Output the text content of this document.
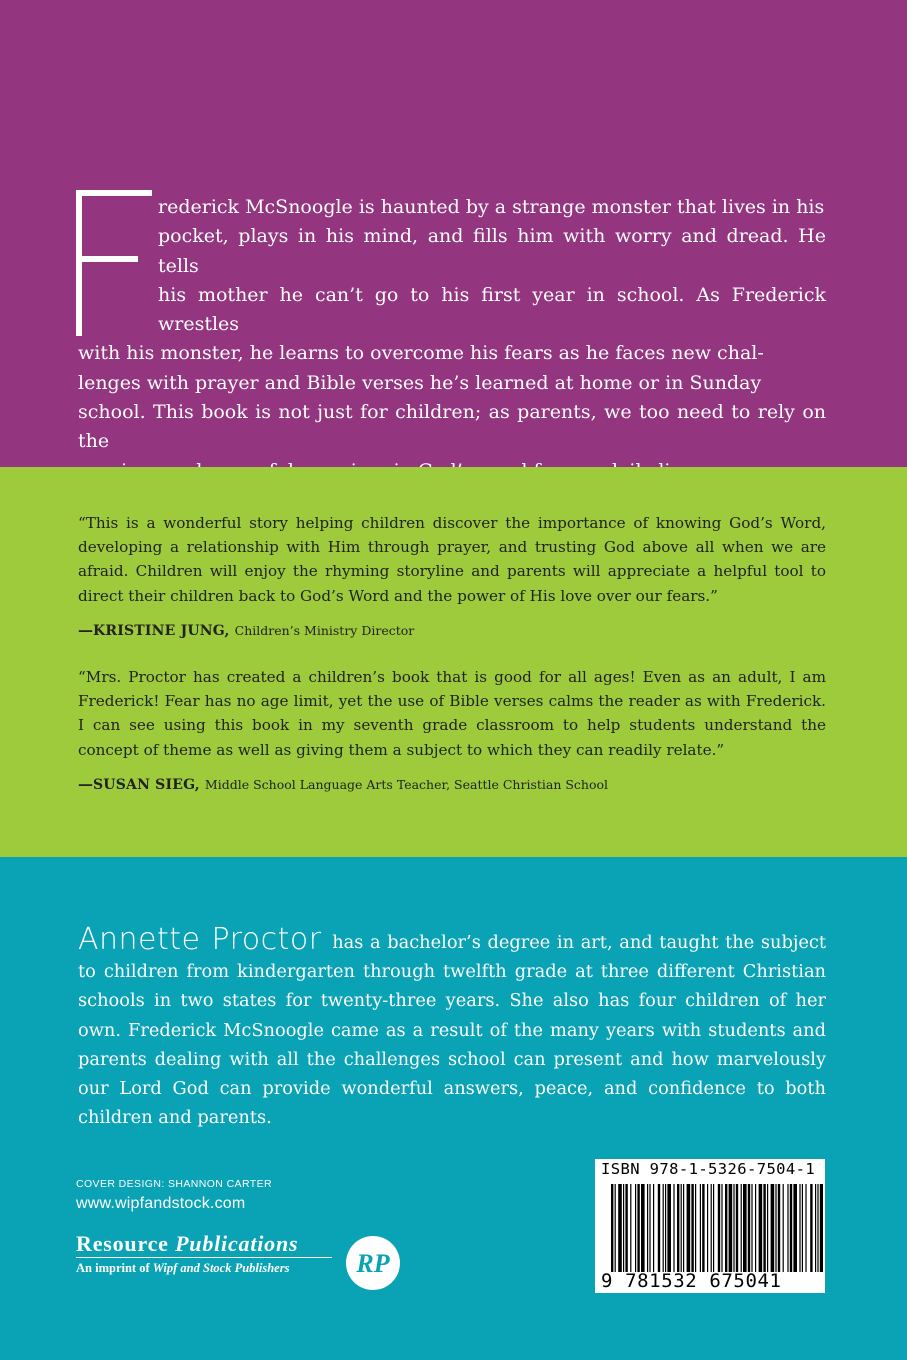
rederick McSnoogle is haunted by a strange monster that lives in his
pocket, plays in his mind, and fills him with worry and dread. He tells
his mother he can’t go to his first year in school. As Frederick wrestles
with his monster, he learns to overcome his fears as he faces new chal-
lenges with prayer and Bible verses he’s learned at home or in Sunday
school. This book is not just for children; as parents, we too need to rely on the

“This is a wonderful story helping children discover the importance of knowing God’s Word, developing a relationship with Him through prayer, and trusting God above all when we are afraid. Children will enjoy the rhyming storyline and parents will appreciate a helpful tool to direct their children back to God’s Word and the power of His love over our fears.”
—KRISTINE JUNG, Children’s Ministry Director
“Mrs. Proctor has created a children’s book that is good for all ages! Even as an adult, I am Frederick! Fear has no age limit, yet the use of Bible verses calms the reader as with Frederick. I can see using this book in my seventh grade classroom to help students understand the concept of theme as well as giving them a subject to which they can readily relate.”
—SUSAN SIEG, Middle School Language Arts Teacher, Seattle Christian School
Annette Proctor has a bachelor’s degree in art, and taught the subject to children from kindergarten through twelfth grade at three different Christian schools in two states for twenty-three years. She also has four children of her own. Frederick McSnoogle came as a result of the many years with students and parents dealing with all the challenges school can present and how marvelously our Lord God can provide wonderful answers, peace, and confidence to both children and parents.
COVER DESIGN: SHANNON CARTER
www.wipfandstock.com
Resource Publications
An imprint of Wipf and Stock Publishers	RP
ISBN 978-1-5326-7504-1
9 781532 675041
